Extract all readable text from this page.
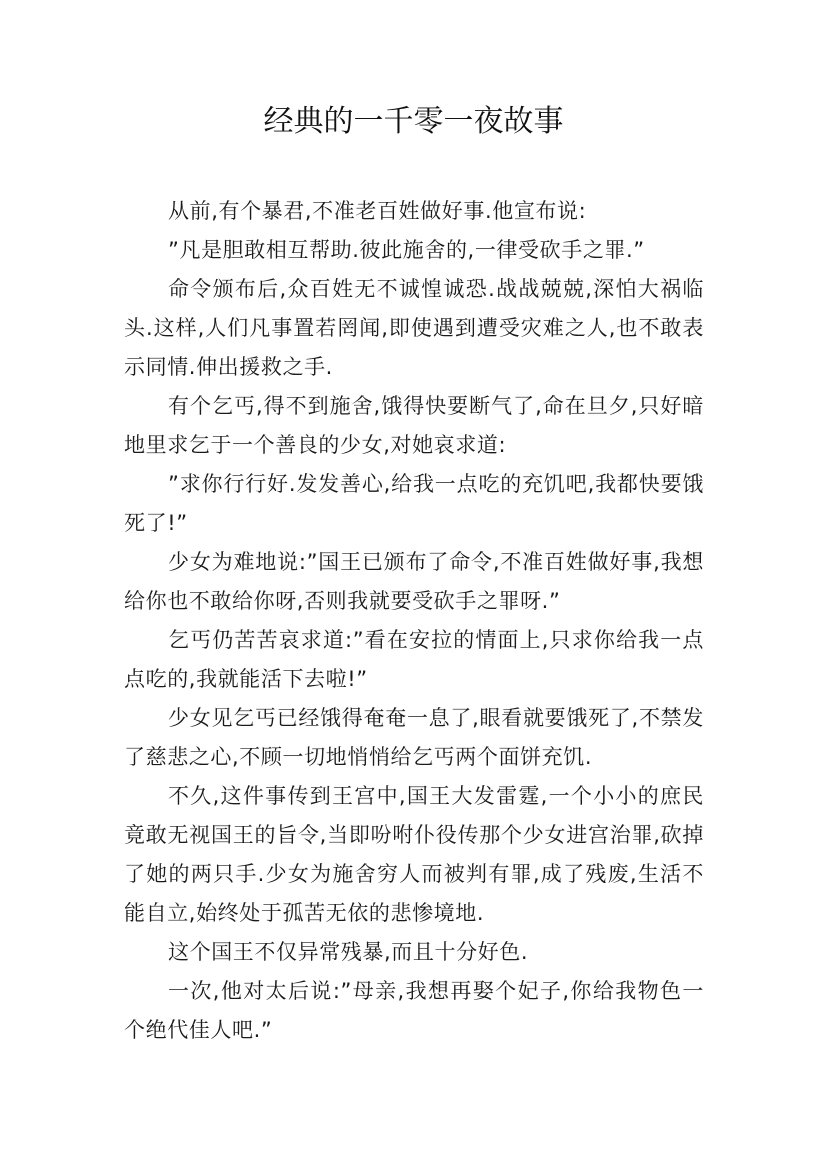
经典的一千零一夜故事

从前,有个暴君,不准老百姓做好事.他宣布说:

”凡是胆敢相互帮助.彼此施舍的,一律受砍手之罪.”

命令颁布后,众百姓无不诚惶诚恐.战战兢兢,深怕大祸临头.这样,人们凡事置若罔闻,即使遇到遭受灾难之人,也不敢表示同情.伸出援救之手.

有个乞丐,得不到施舍,饿得快要断气了,命在旦夕,只好暗地里求乞于一个善良的少女,对她哀求道:

”求你行行好.发发善心,给我一点吃的充饥吧,我都快要饿死了!”

少女为难地说:”国王已颁布了命令,不准百姓做好事,我想给你也不敢给你呀,否则我就要受砍手之罪呀.”

乞丐仍苦苦哀求道:”看在安拉的情面上,只求你给我一点点吃的,我就能活下去啦!”

少女见乞丐已经饿得奄奄一息了,眼看就要饿死了,不禁发了慈悲之心,不顾一切地悄悄给乞丐两个面饼充饥.

不久,这件事传到王宫中,国王大发雷霆,一个小小的庶民竟敢无视国王的旨令,当即吩咐仆役传那个少女进宫治罪,砍掉了她的两只手.少女为施舍穷人而被判有罪,成了残废,生活不能自立,始终处于孤苦无依的悲惨境地.

这个国王不仅异常残暴,而且十分好色.

一次,他对太后说:”母亲,我想再娶个妃子,你给我物色一个绝代佳人吧.”
